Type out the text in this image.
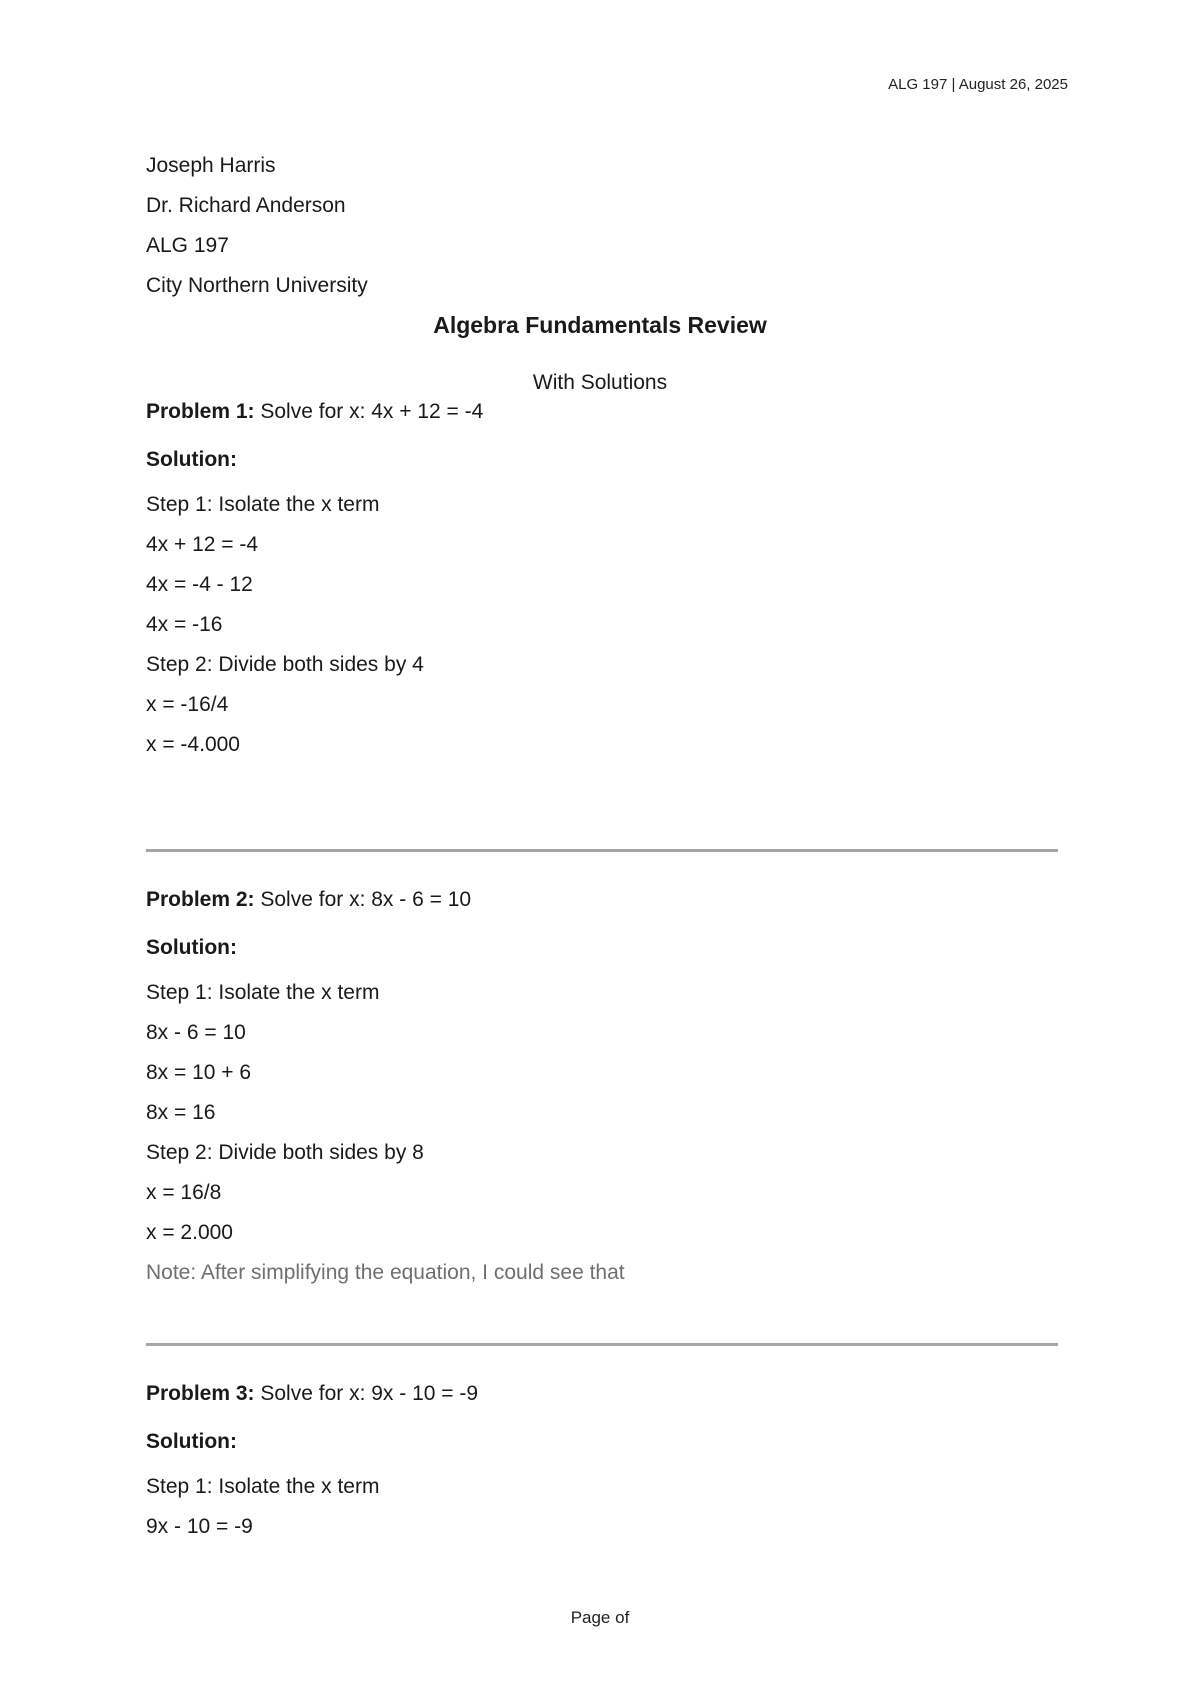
ALG 197 | August 26, 2025
Joseph Harris
Dr. Richard Anderson
ALG 197
City Northern University
Algebra Fundamentals Review
With Solutions
Problem 1: Solve for x: 4x + 12 = -4
Solution:
Step 1: Isolate the x term
4x + 12 = -4
4x = -4 - 12
4x = -16
Step 2: Divide both sides by 4
x = -16/4
x = -4.000
Problem 2: Solve for x: 8x - 6 = 10
Solution:
Step 1: Isolate the x term
8x - 6 = 10
8x = 10 + 6
8x = 16
Step 2: Divide both sides by 8
x = 16/8
x = 2.000
Note: After simplifying the equation, I could see that
Problem 3: Solve for x: 9x - 10 = -9
Solution:
Step 1: Isolate the x term
9x - 10 = -9
Page of
